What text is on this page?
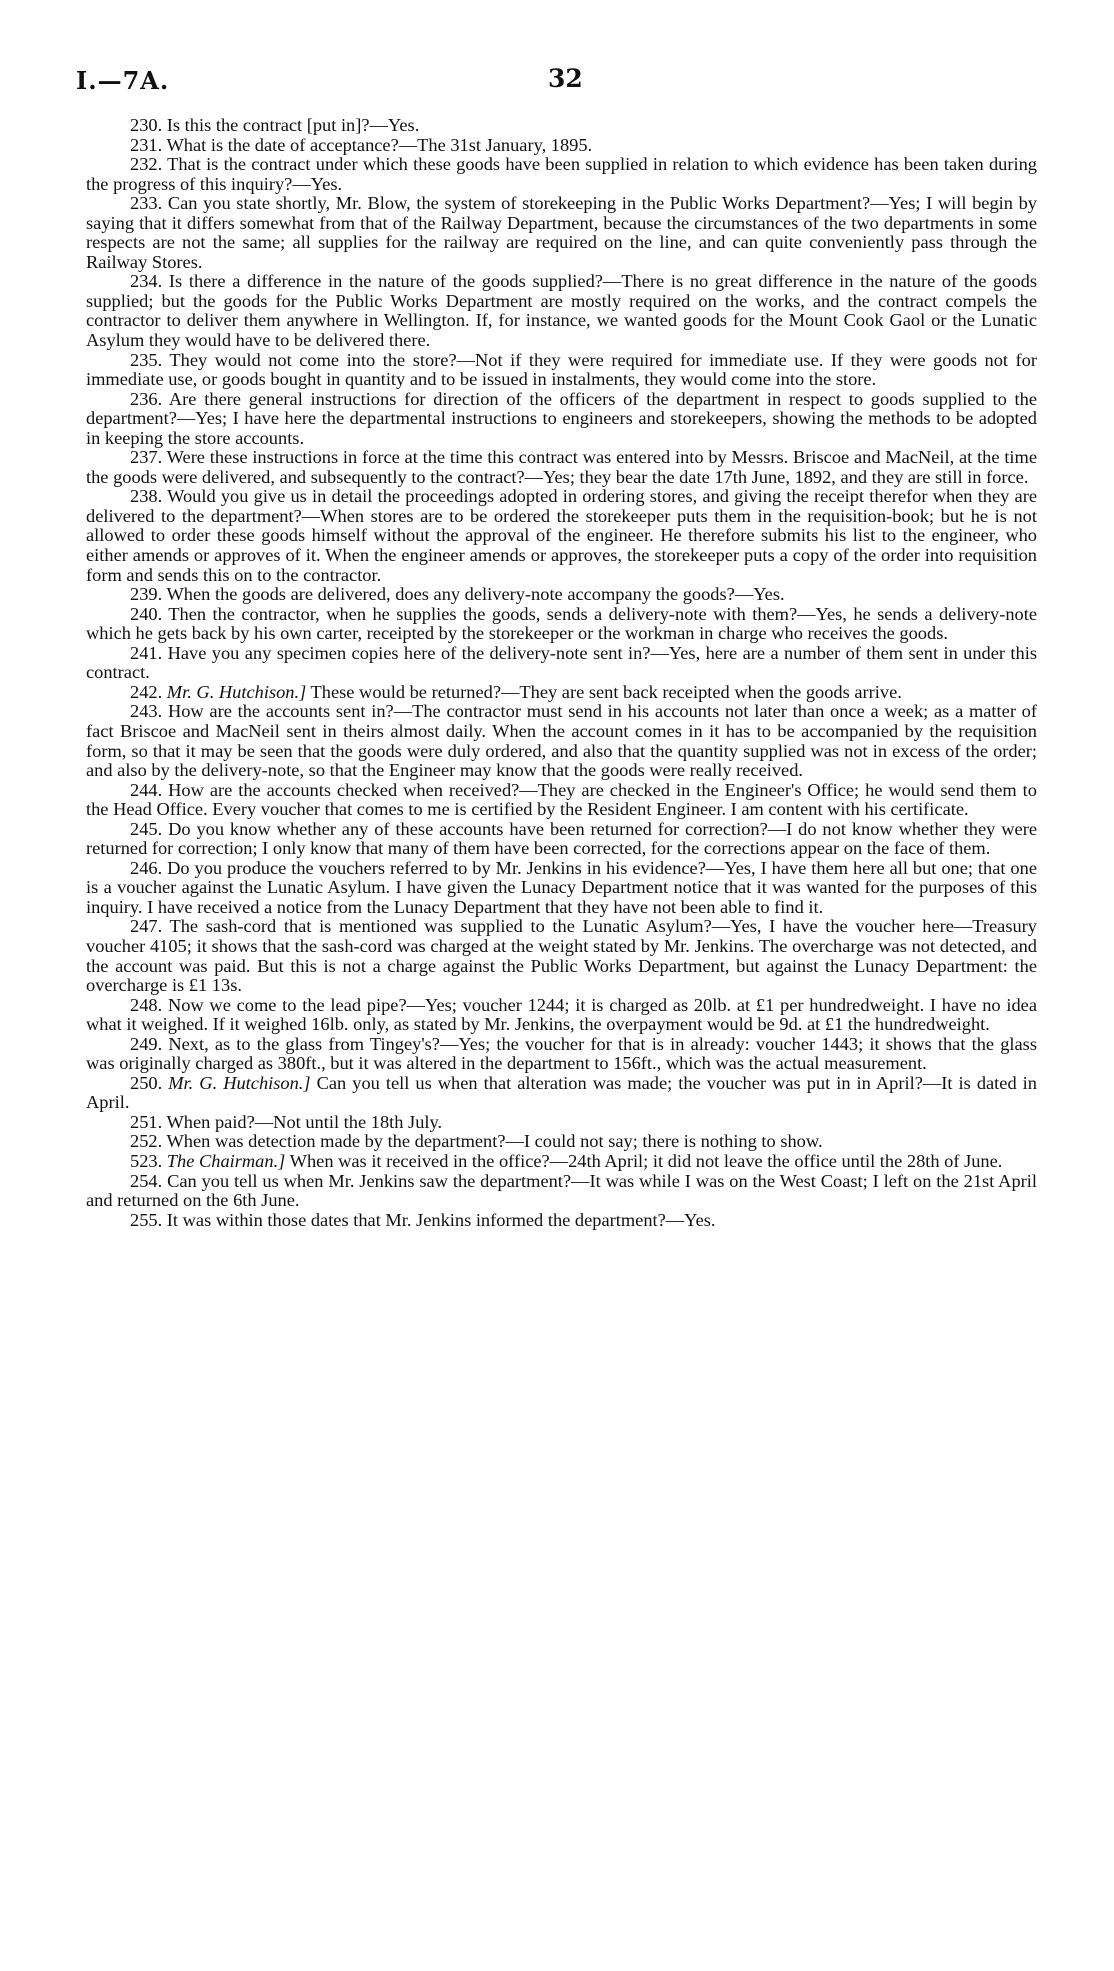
I.—7A.	32

230. Is this the contract [put in]?—Yes.

231. What is the date of acceptance?—The 31st January, 1895.

232. That is the contract under which these goods have been supplied in relation to which evidence has been taken during the progress of this inquiry?—Yes.

233. Can you state shortly, Mr. Blow, the system of storekeeping in the Public Works Department?—Yes; I will begin by saying that it differs somewhat from that of the Railway Department, because the circumstances of the two departments in some respects are not the same; all supplies for the railway are required on the line, and can quite conveniently pass through the Railway Stores.

234. Is there a difference in the nature of the goods supplied?—There is no great difference in the nature of the goods supplied; but the goods for the Public Works Department are mostly required on the works, and the contract compels the contractor to deliver them anywhere in Wellington. If, for instance, we wanted goods for the Mount Cook Gaol or the Lunatic Asylum they would have to be delivered there.

235. They would not come into the store?—Not if they were required for immediate use. If they were goods not for immediate use, or goods bought in quantity and to be issued in instalments, they would come into the store.

236. Are there general instructions for direction of the officers of the department in respect to goods supplied to the department?—Yes; I have here the departmental instructions to engineers and storekeepers, showing the methods to be adopted in keeping the store accounts.

237. Were these instructions in force at the time this contract was entered into by Messrs. Briscoe and MacNeil, at the time the goods were delivered, and subsequently to the contract?—Yes; they bear the date 17th June, 1892, and they are still in force.

238. Would you give us in detail the proceedings adopted in ordering stores, and giving the receipt therefor when they are delivered to the department?—When stores are to be ordered the storekeeper puts them in the requisition-book; but he is not allowed to order these goods himself without the approval of the engineer. He therefore submits his list to the engineer, who either amends or approves of it. When the engineer amends or approves, the storekeeper puts a copy of the order into requisition form and sends this on to the contractor.

239. When the goods are delivered, does any delivery-note accompany the goods?—Yes.

240. Then the contractor, when he supplies the goods, sends a delivery-note with them?—Yes, he sends a delivery-note which he gets back by his own carter, receipted by the storekeeper or the workman in charge who receives the goods.

241. Have you any specimen copies here of the delivery-note sent in?—Yes, here are a number of them sent in under this contract.

242. Mr. G. Hutchison.] These would be returned?—They are sent back receipted when the goods arrive.

243. How are the accounts sent in?—The contractor must send in his accounts not later than once a week; as a matter of fact Briscoe and MacNeil sent in theirs almost daily. When the account comes in it has to be accompanied by the requisition form, so that it may be seen that the goods were duly ordered, and also that the quantity supplied was not in excess of the order; and also by the delivery-note, so that the Engineer may know that the goods were really received.

244. How are the accounts checked when received?—They are checked in the Engineer's Office; he would send them to the Head Office. Every voucher that comes to me is certified by the Resident Engineer. I am content with his certificate.

245. Do you know whether any of these accounts have been returned for correction?—I do not know whether they were returned for correction; I only know that many of them have been corrected, for the corrections appear on the face of them.

246. Do you produce the vouchers referred to by Mr. Jenkins in his evidence?—Yes, I have them here all but one; that one is a voucher against the Lunatic Asylum. I have given the Lunacy Department notice that it was wanted for the purposes of this inquiry. I have received a notice from the Lunacy Department that they have not been able to find it.

247. The sash-cord that is mentioned was supplied to the Lunatic Asylum?—Yes, I have the voucher here—Treasury voucher 4105; it shows that the sash-cord was charged at the weight stated by Mr. Jenkins. The overcharge was not detected, and the account was paid. But this is not a charge against the Public Works Department, but against the Lunacy Department: the overcharge is £1 13s.

248. Now we come to the lead pipe?—Yes; voucher 1244; it is charged as 20lb. at £1 per hundredweight. I have no idea what it weighed. If it weighed 16lb. only, as stated by Mr. Jenkins, the overpayment would be 9d. at £1 the hundredweight.

249. Next, as to the glass from Tingey's?—Yes; the voucher for that is in already: voucher 1443; it shows that the glass was originally charged as 380ft., but it was altered in the department to 156ft., which was the actual measurement.

250. Mr. G. Hutchison.] Can you tell us when that alteration was made; the voucher was put in in April?—It is dated in April.

251. When paid?—Not until the 18th July.

252. When was detection made by the department?—I could not say; there is nothing to show.

523. The Chairman.] When was it received in the office?—24th April; it did not leave the office until the 28th of June.

254. Can you tell us when Mr. Jenkins saw the department?—It was while I was on the West Coast; I left on the 21st April and returned on the 6th June.

255. It was within those dates that Mr. Jenkins informed the department?—Yes.
